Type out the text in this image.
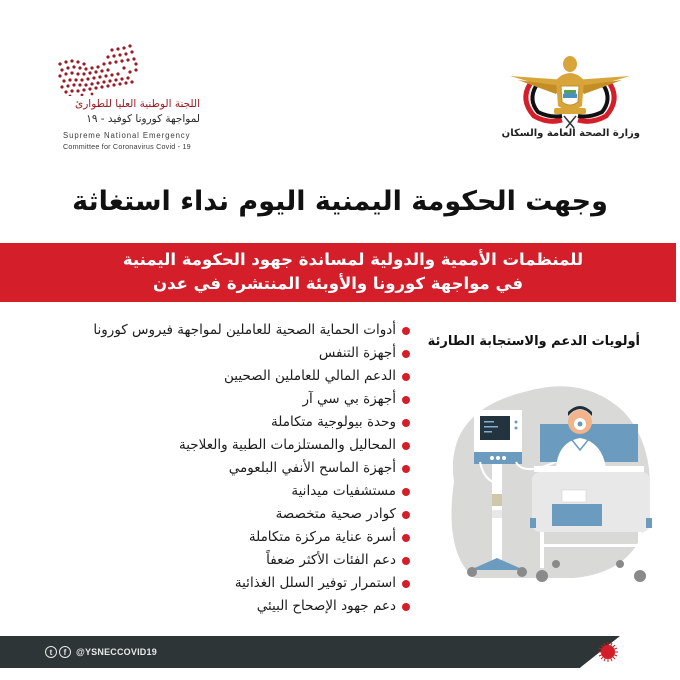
اللجنة الوطنية العليا للطوارئ
لمواجهة كورونا كوفيد - ١٩
Supreme National Emergency
Committee for Coronavirus Covid - 19
وزارة الصحة العامة والسكان
وجهت الحكومة اليمنية اليوم نداء استغاثة
للمنظمات الأممية والدولية لمساندة جهود الحكومة اليمنية
في مواجهة كورونا والأوبئة المنتشرة في عدن
أولويات الدعم والاستجابة الطارئة
أدوات الحماية الصحية للعاملين لمواجهة فيروس كورونا
أجهزة التنفس
الدعم المالي للعاملين الصحيين
أجهزة بي سي آر
وحدة بيولوجية متكاملة
المحاليل والمستلزمات الطبية والعلاجية
أجهزة الماسح الأنفي البلعومي
مستشفيات ميدانية
كوادر صحية متخصصة
أسرة عناية مركزة متكاملة
دعم الفئات الأكثر ضعفاً
استمرار توفير السلل الغذائية
دعم جهود الإصحاح البيئي
t	f	@YSNECCOVID19
